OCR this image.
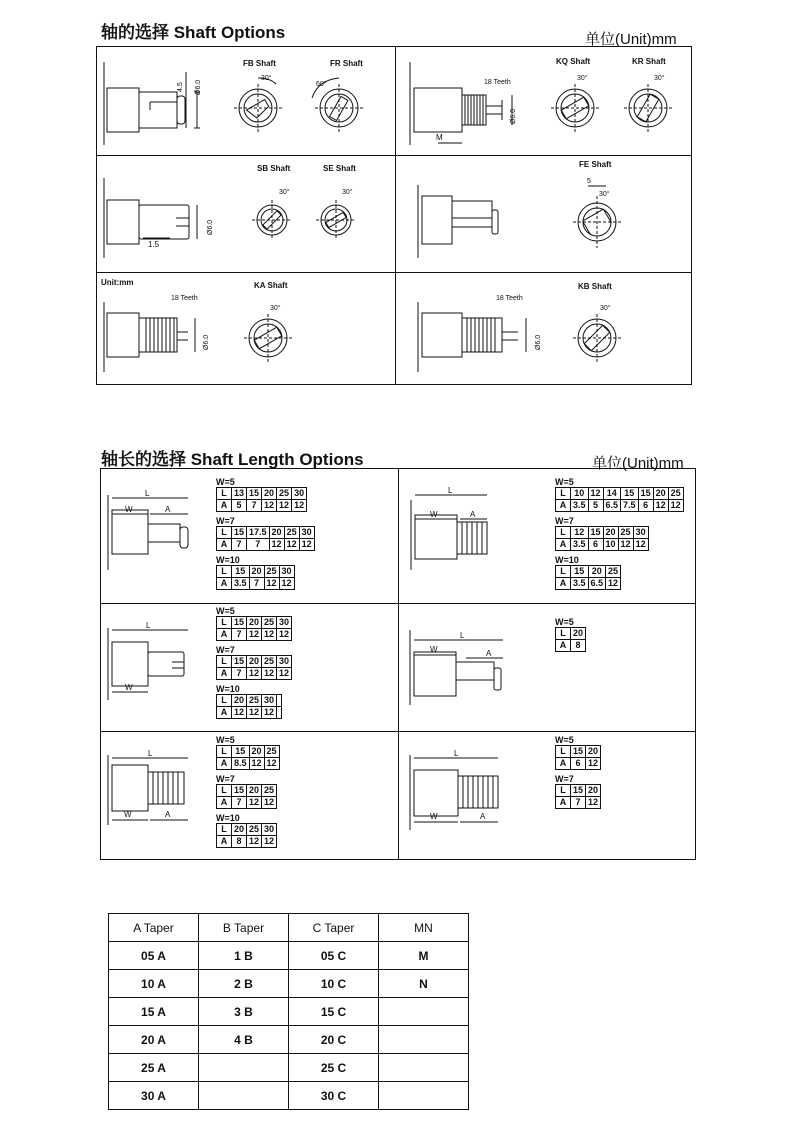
轴的选择 Shaft Options	单位(Unit)mm
4.5 Ø6.0
FB Shaft
30°
FR Shaft
60°	18 Teeth
M
Ø6.0
KQ Shaft
30°
KR Shaft
30°
1.5
Ø6.0
SB Shaft
30°
SE Shaft
30°
FE Shaft
5
30°
Unit:mm
18 Teeth
Ø6.0
KA Shaft
30°
18 Teeth
Ø6.0
KB Shaft
30°
轴长的选择 Shaft Length Options	单位(Unit)mm
L
W	A
L
W	A
L
W
L
W	A
L
W	A
L
W	A
W=5
L	13	15	20	25	30
A	5	7	12	12	12
W=7
L	15	17.5	20	25	30
A	7	7	12	12	12
W=10
L	15	20	25	30
A	3.5	7	12	12
W=5
L	10	12	14	15	15	20	25
A	3.5	5	6.5	7.5	6	12	12
W=7
L	12	15	20	25	30
A	3.5	6	10	12	12
W=10
L	15	20	25
A	3.5	6.5	12
W=5
L	15	20	25	30
A	7	12	12	12
W=7
L	15	20	25	30
A	7	12	12	12
W=10
L	20	25	30	
A	12	12	12	
W=5
L	20
A	8
W=5
L	15	20	25
A	8.5	12	12
W=7
L	15	20	25
A	7	12	12
W=10
L	20	25	30
A	8	12	12
W=5
L	15	20
A	6	12
W=7
L	15	20
A	7	12
A Taper	B Taper	C Taper	MN
05 A	1 B	05 C	M
10 A	2 B	10 C	N
15 A	3 B	15 C	
20 A	4 B	20 C	
25 A		25 C	
30 A		30 C	
